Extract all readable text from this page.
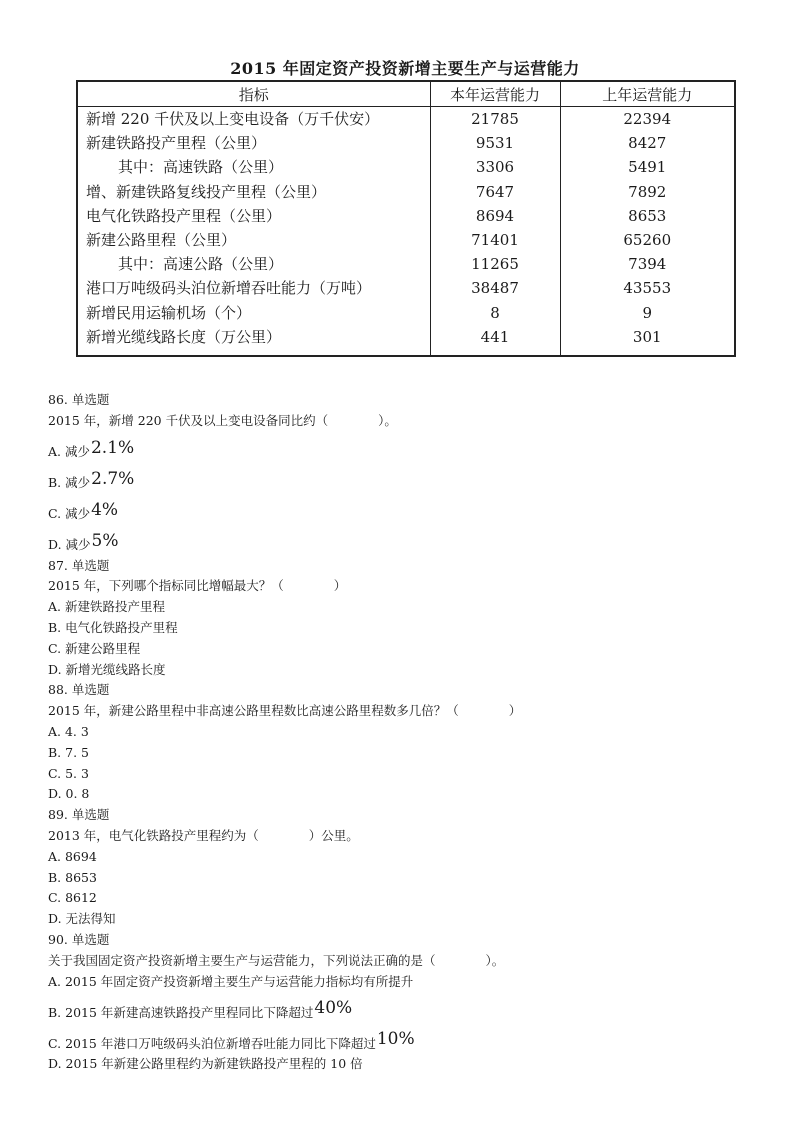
2015 年固定资产投资新增主要生产与运营能力
指标	本年运营能力	上年运营能力
新增 220 千伏及以上变电设备（万千伏安）	21785	22394
新建铁路投产里程（公里）	9531	8427
其中：高速铁路（公里）	3306	5491
增、新建铁路复线投产里程（公里）	7647	7892
电气化铁路投产里程（公里）	8694	8653
新建公路里程（公里）	71401	65260
其中：高速公路（公里）	11265	7394
港口万吨级码头泊位新增吞吐能力（万吨）	38487	43553
新增民用运输机场（个）	8	9
新增光缆线路长度（万公里）	441	301
86. 单选题
2015 年，新增 220 千伏及以上变电设备同比约（　　　　）。
A. 减少 2.1%
B. 减少 2.7%
C. 减少 4%
D. 减少 5%
87. 单选题
2015 年，下列哪个指标同比增幅最大？（　　　　）
A. 新建铁路投产里程
B. 电气化铁路投产里程
C. 新建公路里程
D. 新增光缆线路长度
88. 单选题
2015 年，新建公路里程中非高速公路里程数比高速公路里程数多几倍？（　　　　）
A. 4. 3
B. 7. 5
C. 5. 3
D. 0. 8
89. 单选题
2013 年，电气化铁路投产里程约为（　　　　）公里。
A. 8694
B. 8653
C. 8612
D. 无法得知
90. 单选题
关于我国固定资产投资新增主要生产与运营能力，下列说法正确的是（　　　　）。
A. 2015 年固定资产投资新增主要生产与运营能力指标均有所提升
B. 2015 年新建高速铁路投产里程同比下降超过 40%
C. 2015 年港口万吨级码头泊位新增吞吐能力同比下降超过 10%
D. 2015 年新建公路里程约为新建铁路投产里程的 10 倍
